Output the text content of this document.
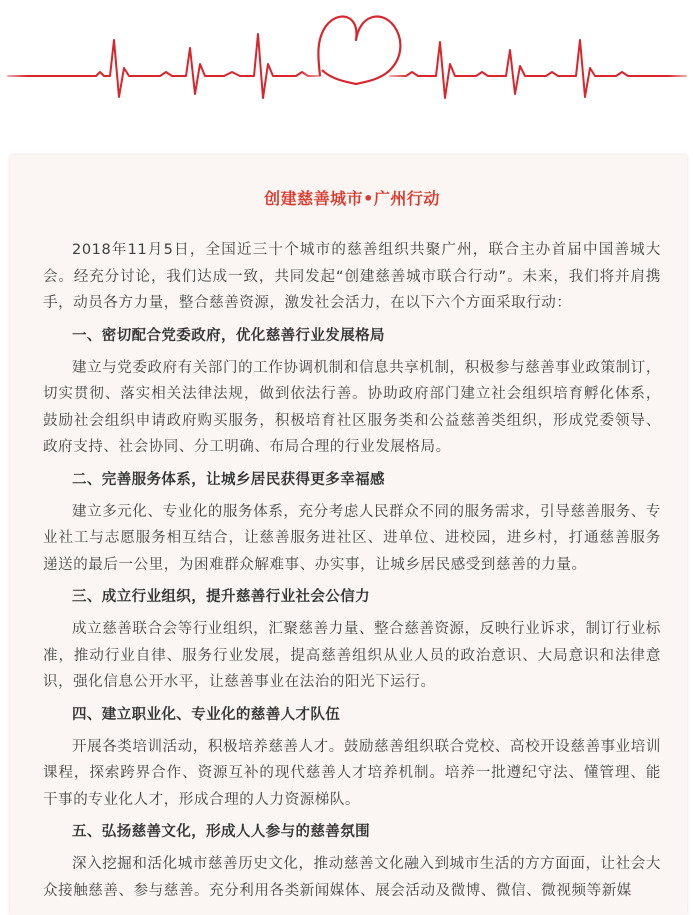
创建慈善城市•广州行动

2018年11月5日，全国近三十个城市的慈善组织共聚广州，联合主办首届中国善城大会。经充分讨论，我们达成一致，共同发起“创建慈善城市联合行动”。未来，我们将并肩携手，动员各方力量，整合慈善资源，激发社会活力，在以下六个方面采取行动：

一、密切配合党委政府，优化慈善行业发展格局

建立与党委政府有关部门的工作协调机制和信息共享机制，积极参与慈善事业政策制订，切实贯彻、落实相关法律法规，做到依法行善。协助政府部门建立社会组织培育孵化体系，鼓励社会组织申请政府购买服务，积极培育社区服务类和公益慈善类组织，形成党委领导、政府支持、社会协同、分工明确、布局合理的行业发展格局。

二、完善服务体系，让城乡居民获得更多幸福感

建立多元化、专业化的服务体系，充分考虑人民群众不同的服务需求，引导慈善服务、专业社工与志愿服务相互结合，让慈善服务进社区、进单位、进校园，进乡村，打通慈善服务递送的最后一公里，为困难群众解难事、办实事，让城乡居民感受到慈善的力量。

三、成立行业组织，提升慈善行业社会公信力

成立慈善联合会等行业组织，汇聚慈善力量、整合慈善资源，反映行业诉求，制订行业标准，推动行业自律、服务行业发展，提高慈善组织从业人员的政治意识、大局意识和法律意识，强化信息公开水平，让慈善事业在法治的阳光下运行。

四、建立职业化、专业化的慈善人才队伍

开展各类培训活动，积极培养慈善人才。鼓励慈善组织联合党校、高校开设慈善事业培训课程，探索跨界合作、资源互补的现代慈善人才培养机制。培养一批遵纪守法、懂管理、能干事的专业化人才，形成合理的人力资源梯队。

五、弘扬慈善文化，形成人人参与的慈善氛围

深入挖掘和活化城市慈善历史文化，推动慈善文化融入到城市生活的方方面面，让社会大众接触慈善、参与慈善。充分利用各类新闻媒体、展会活动及微博、微信、微视频等新媒
